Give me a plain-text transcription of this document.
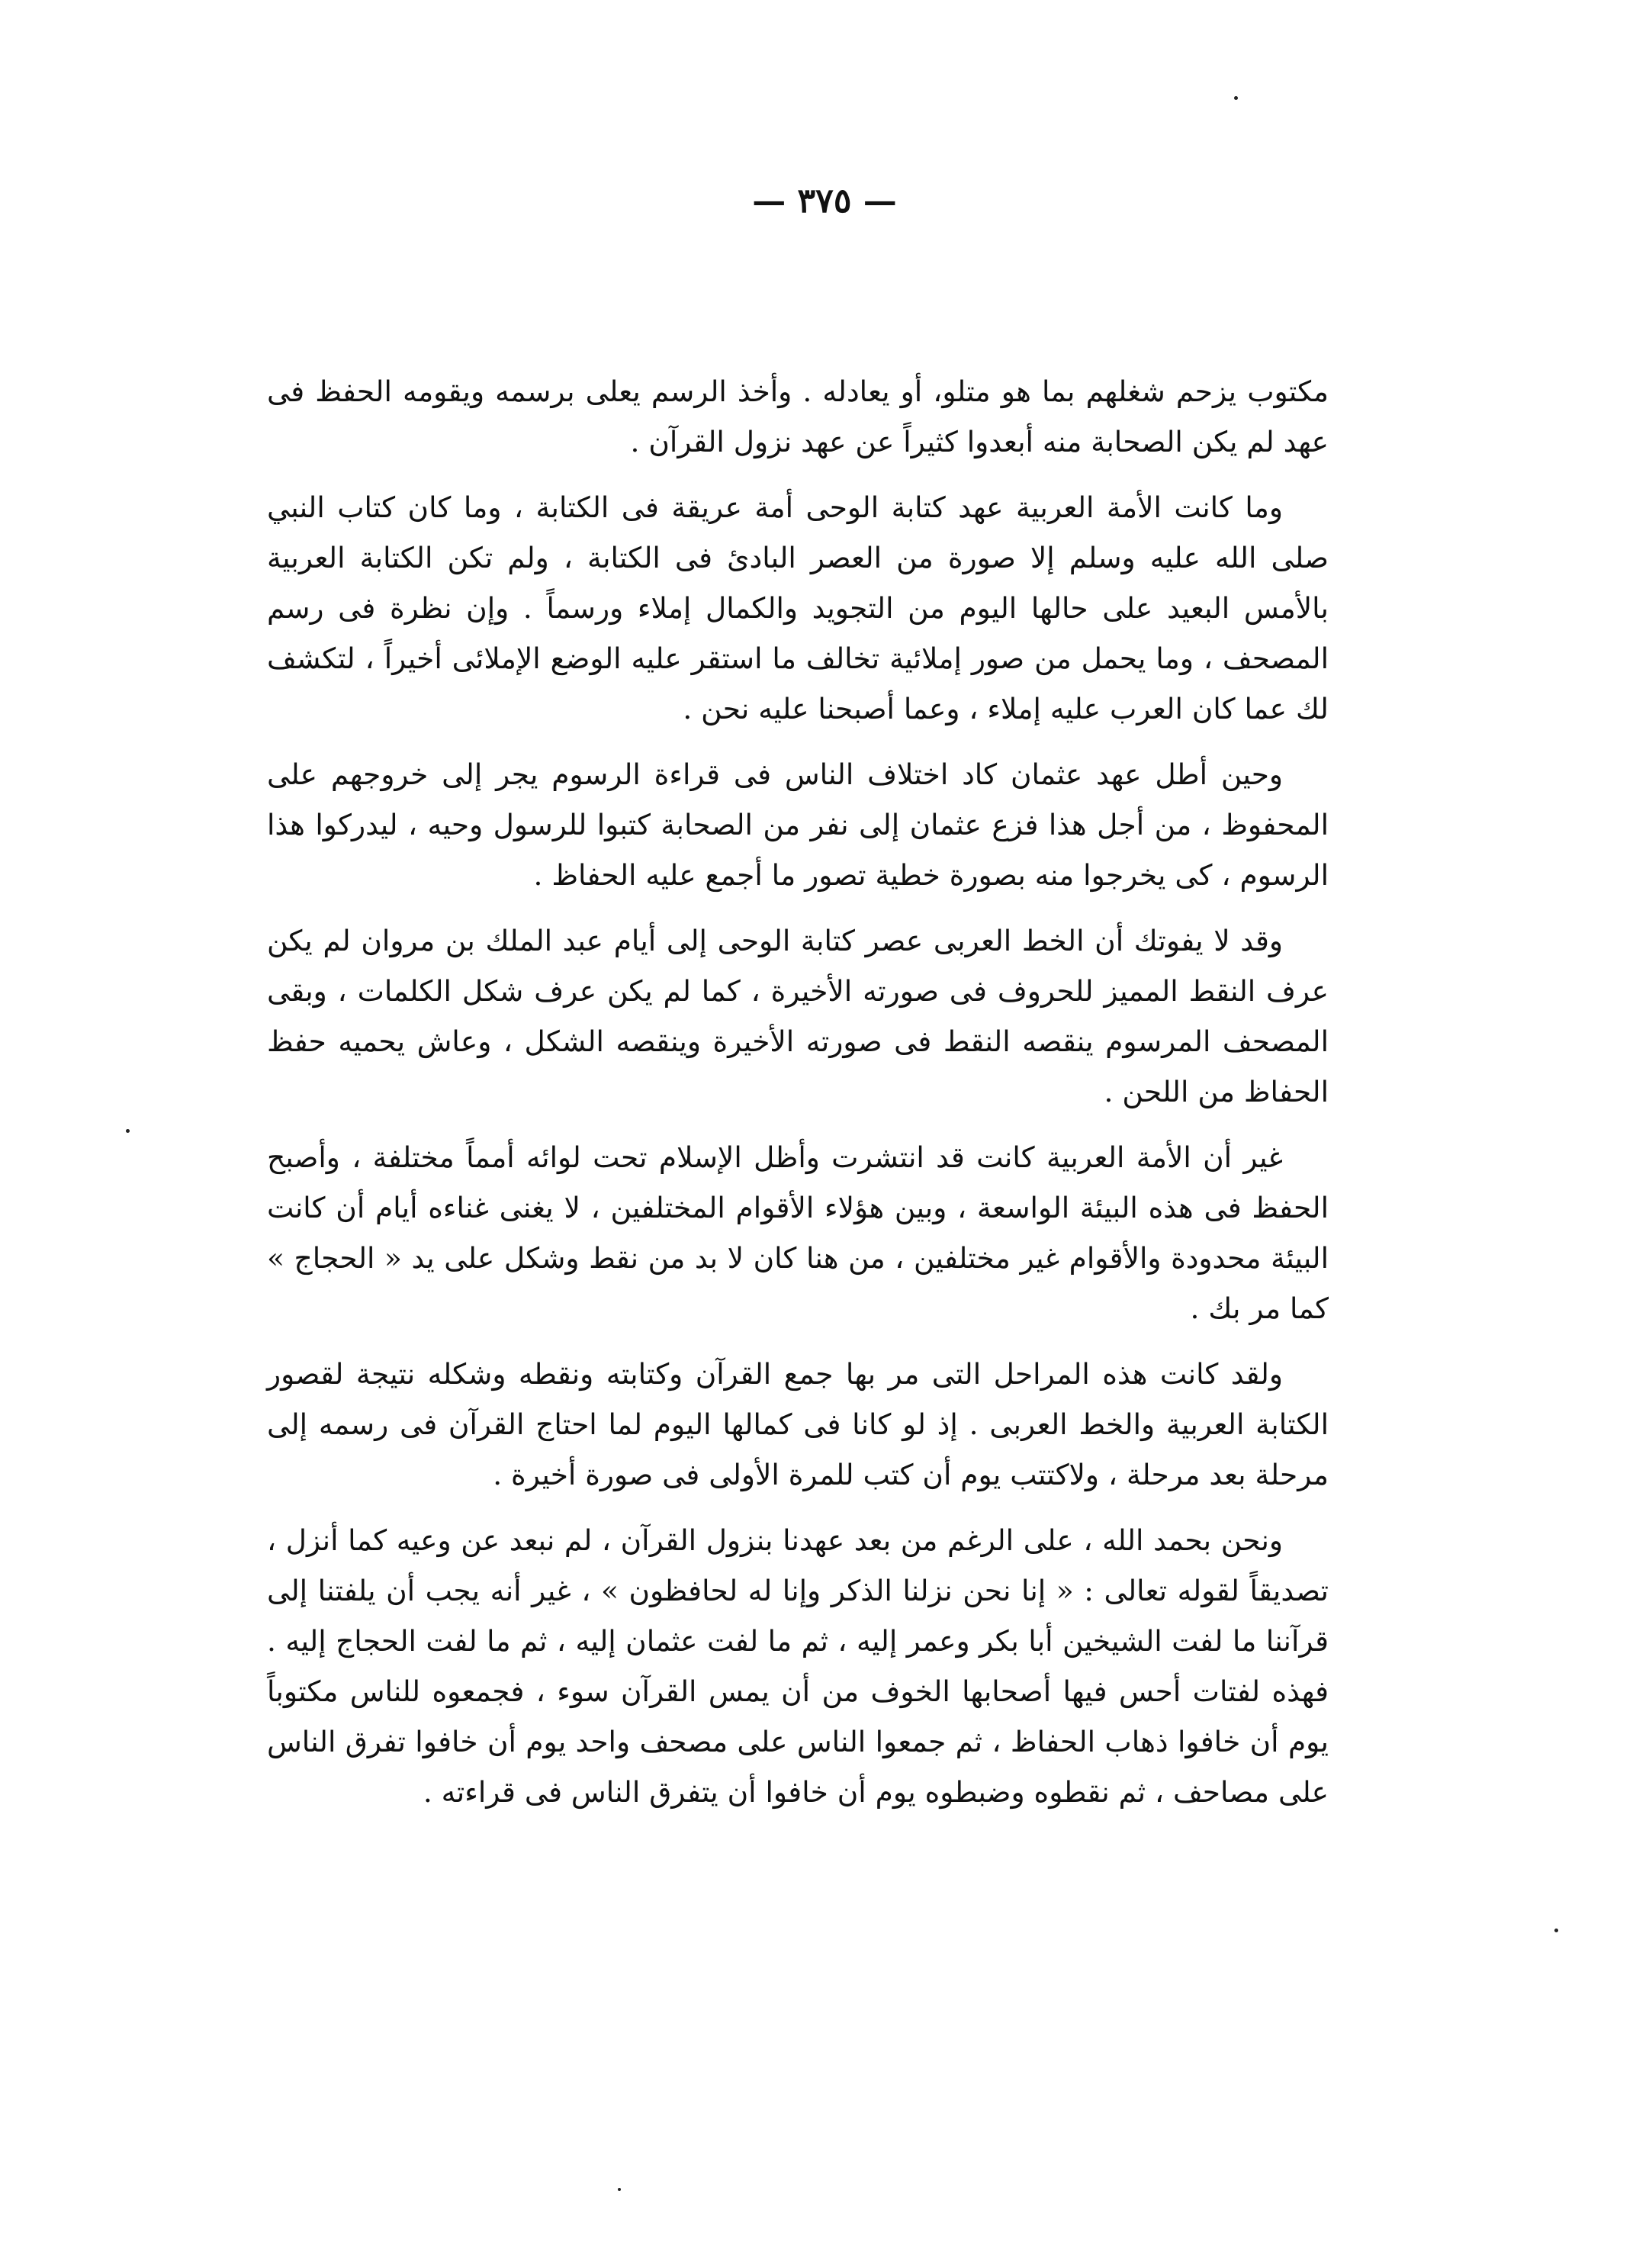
— ٣٧٥ —

مكتوب يزحم شغلهم بما هو متلو، أو يعادله . وأخذ الرسم يعلى برسمه ويقومه الحفظ فى عهد لم يكن الصحابة منه أبعدوا كثيراً عن عهد نزول القرآن .

وما كانت الأمة العربية عهد كتابة الوحى أمة عريقة فى الكتابة ، وما كان كتاب النبي صلى الله عليه وسلم إلا صورة من العصر البادئ فى الكتابة ، ولم تكن الكتابة العربية بالأمس البعيد على حالها اليوم من التجويد والكمال إملاء ورسماً . وإن نظرة فى رسم المصحف ، وما يحمل من صور إملائية تخالف ما استقر عليه الوضع الإملائى أخيراً ، لتكشف لك عما كان العرب عليه إملاء ، وعما أصبحنا عليه نحن .

وحين أطل عهد عثمان كاد اختلاف الناس فى قراءة الرسوم يجر إلى خروجهم على المحفوظ ، من أجل هذا فزع عثمان إلى نفر من الصحابة كتبوا للرسول وحيه ، ليدركوا هذا الرسوم ، كى يخرجوا منه بصورة خطية تصور ما أجمع عليه الحفاظ .

وقد لا يفوتك أن الخط العربى عصر كتابة الوحى إلى أيام عبد الملك بن مروان لم يكن عرف النقط المميز للحروف فى صورته الأخيرة ، كما لم يكن عرف شكل الكلمات ، وبقى المصحف المرسوم ينقصه النقط فى صورته الأخيرة وينقصه الشكل ، وعاش يحميه حفظ الحفاظ من اللحن .

غير أن الأمة العربية كانت قد انتشرت وأظل الإسلام تحت لوائه أمماً مختلفة ، وأصبح الحفظ فى هذه البيئة الواسعة ، وبين هؤلاء الأقوام المختلفين ، لا يغنى غناءه أيام أن كانت البيئة محدودة والأقوام غير مختلفين ، من هنا كان لا بد من نقط وشكل على يد « الحجاج » كما مر بك .

ولقد كانت هذه المراحل التى مر بها جمع القرآن وكتابته ونقطه وشكله نتيجة لقصور الكتابة العربية والخط العربى . إذ لو كانا فى كمالها اليوم لما احتاج القرآن فى رسمه إلى مرحلة بعد مرحلة ، ولاكتتب يوم أن كتب للمرة الأولى فى صورة أخيرة .

ونحن بحمد الله ، على الرغم من بعد عهدنا بنزول القرآن ، لم نبعد عن وعيه كما أنزل ، تصديقاً لقوله تعالى : « إنا نحن نزلنا الذكر وإنا له لحافظون » ، غير أنه يجب أن يلفتنا إلى قرآننا ما لفت الشيخين أبا بكر وعمر إليه ، ثم ما لفت عثمان إليه ، ثم ما لفت الحجاج إليه . فهذه لفتات أحس فيها أصحابها الخوف من أن يمس القرآن سوء ، فجمعوه للناس مكتوباً يوم أن خافوا ذهاب الحفاظ ، ثم جمعوا الناس على مصحف واحد يوم أن خافوا تفرق الناس على مصاحف ، ثم نقطوه وضبطوه يوم أن خافوا أن يتفرق الناس فى قراءته .
